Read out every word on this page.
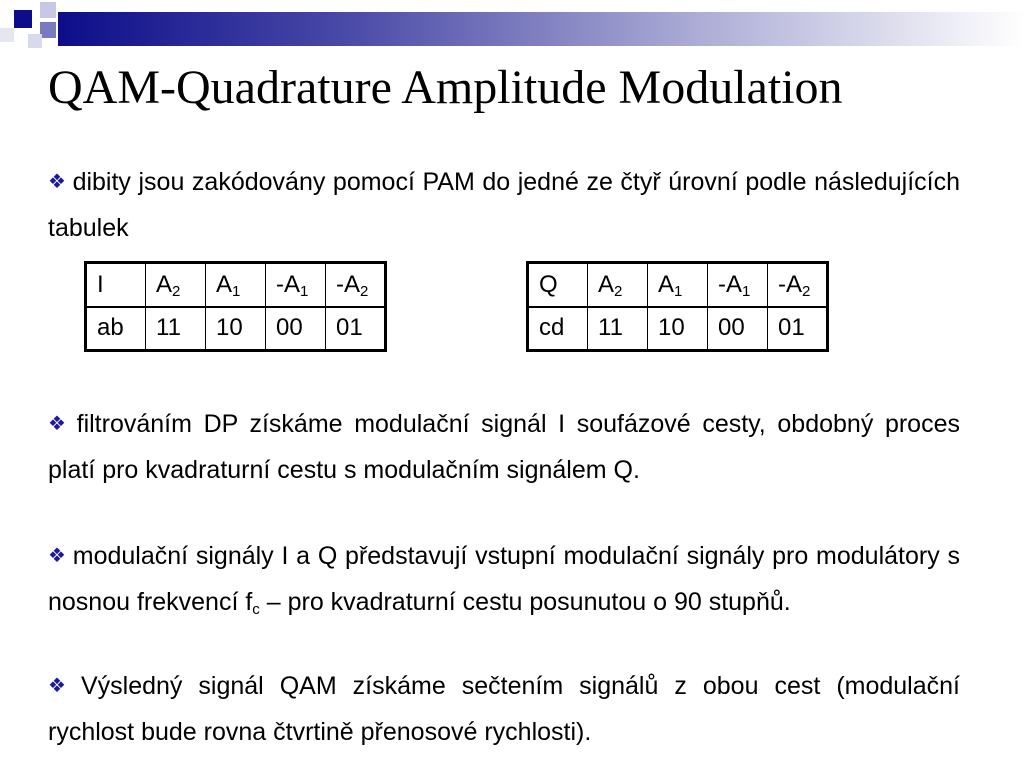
QAM-Quadrature Amplitude Modulation
❖ dibity jsou zakódovány pomocí PAM do jedné ze čtyř úrovní podle následujících tabulek
I	$A_2$	$A_1$	$-A_1$	$-A_2$
ab	11	10	00	01
Q	$A_2$	$A_1$	$-A_1$	$-A_2$
cd	11	10	00	01
❖ filtrováním DP získáme modulační signál I soufázové cesty, obdobný proces platí pro kvadraturní cestu s modulačním signálem Q.
❖ modulační signály I a Q představují vstupní modulační signály pro modulátory s nosnou frekvencí $f_c$ – pro kvadraturní cestu posunutou o 90 stupňů.
❖ Výsledný signál QAM získáme sečtením signálů z obou cest (modulační rychlost bude rovna čtvrtině přenosové rychlosti).
